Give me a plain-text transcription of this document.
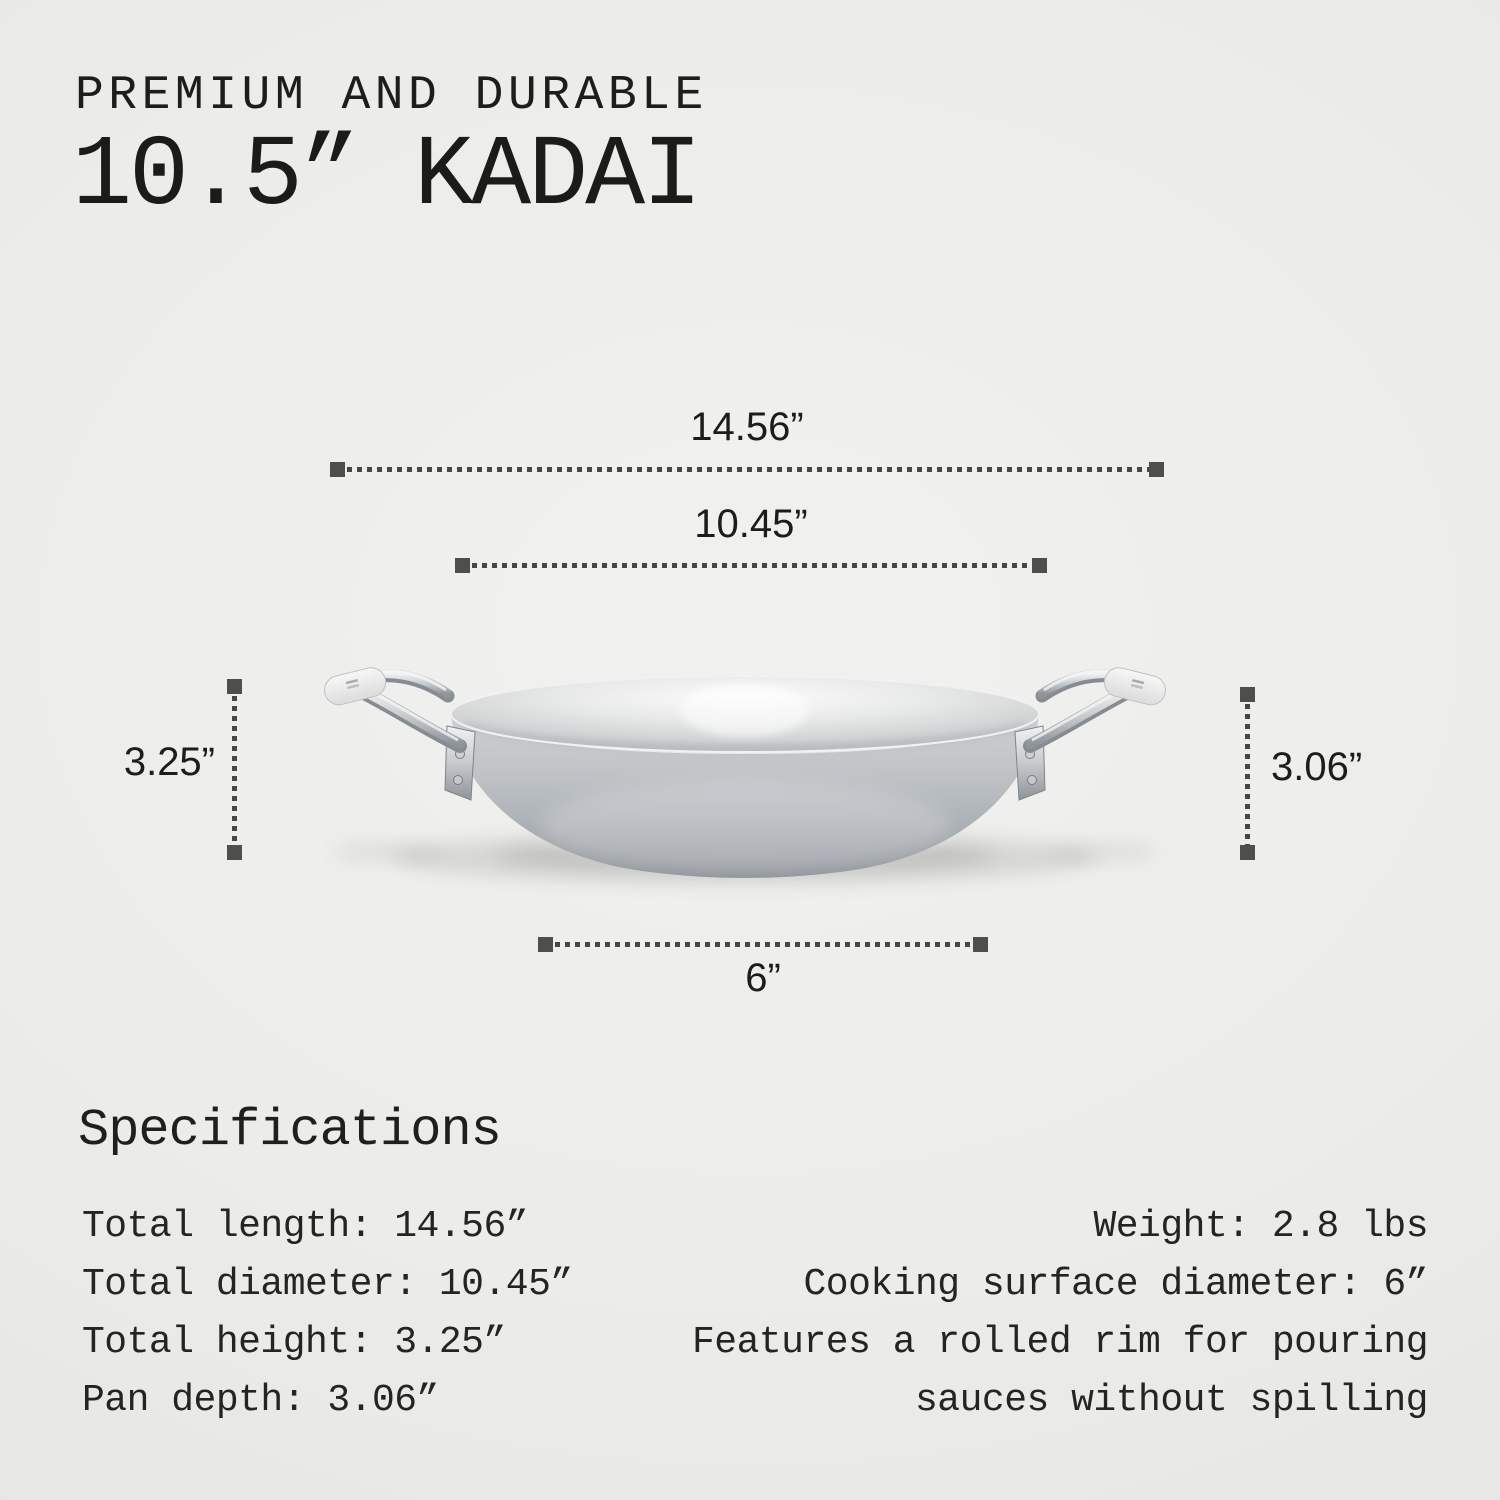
PREMIUM AND DURABLE
10.5” KADAI
14.56”
10.45”
3.25”	3.06”
6”
Specifications
Total length: 14.56”
Total diameter: 10.45”
Total height: 3.25”
Pan depth: 3.06”
Weight: 2.8 lbs
Cooking surface diameter: 6”
Features a rolled rim for pouring
sauces without spilling
